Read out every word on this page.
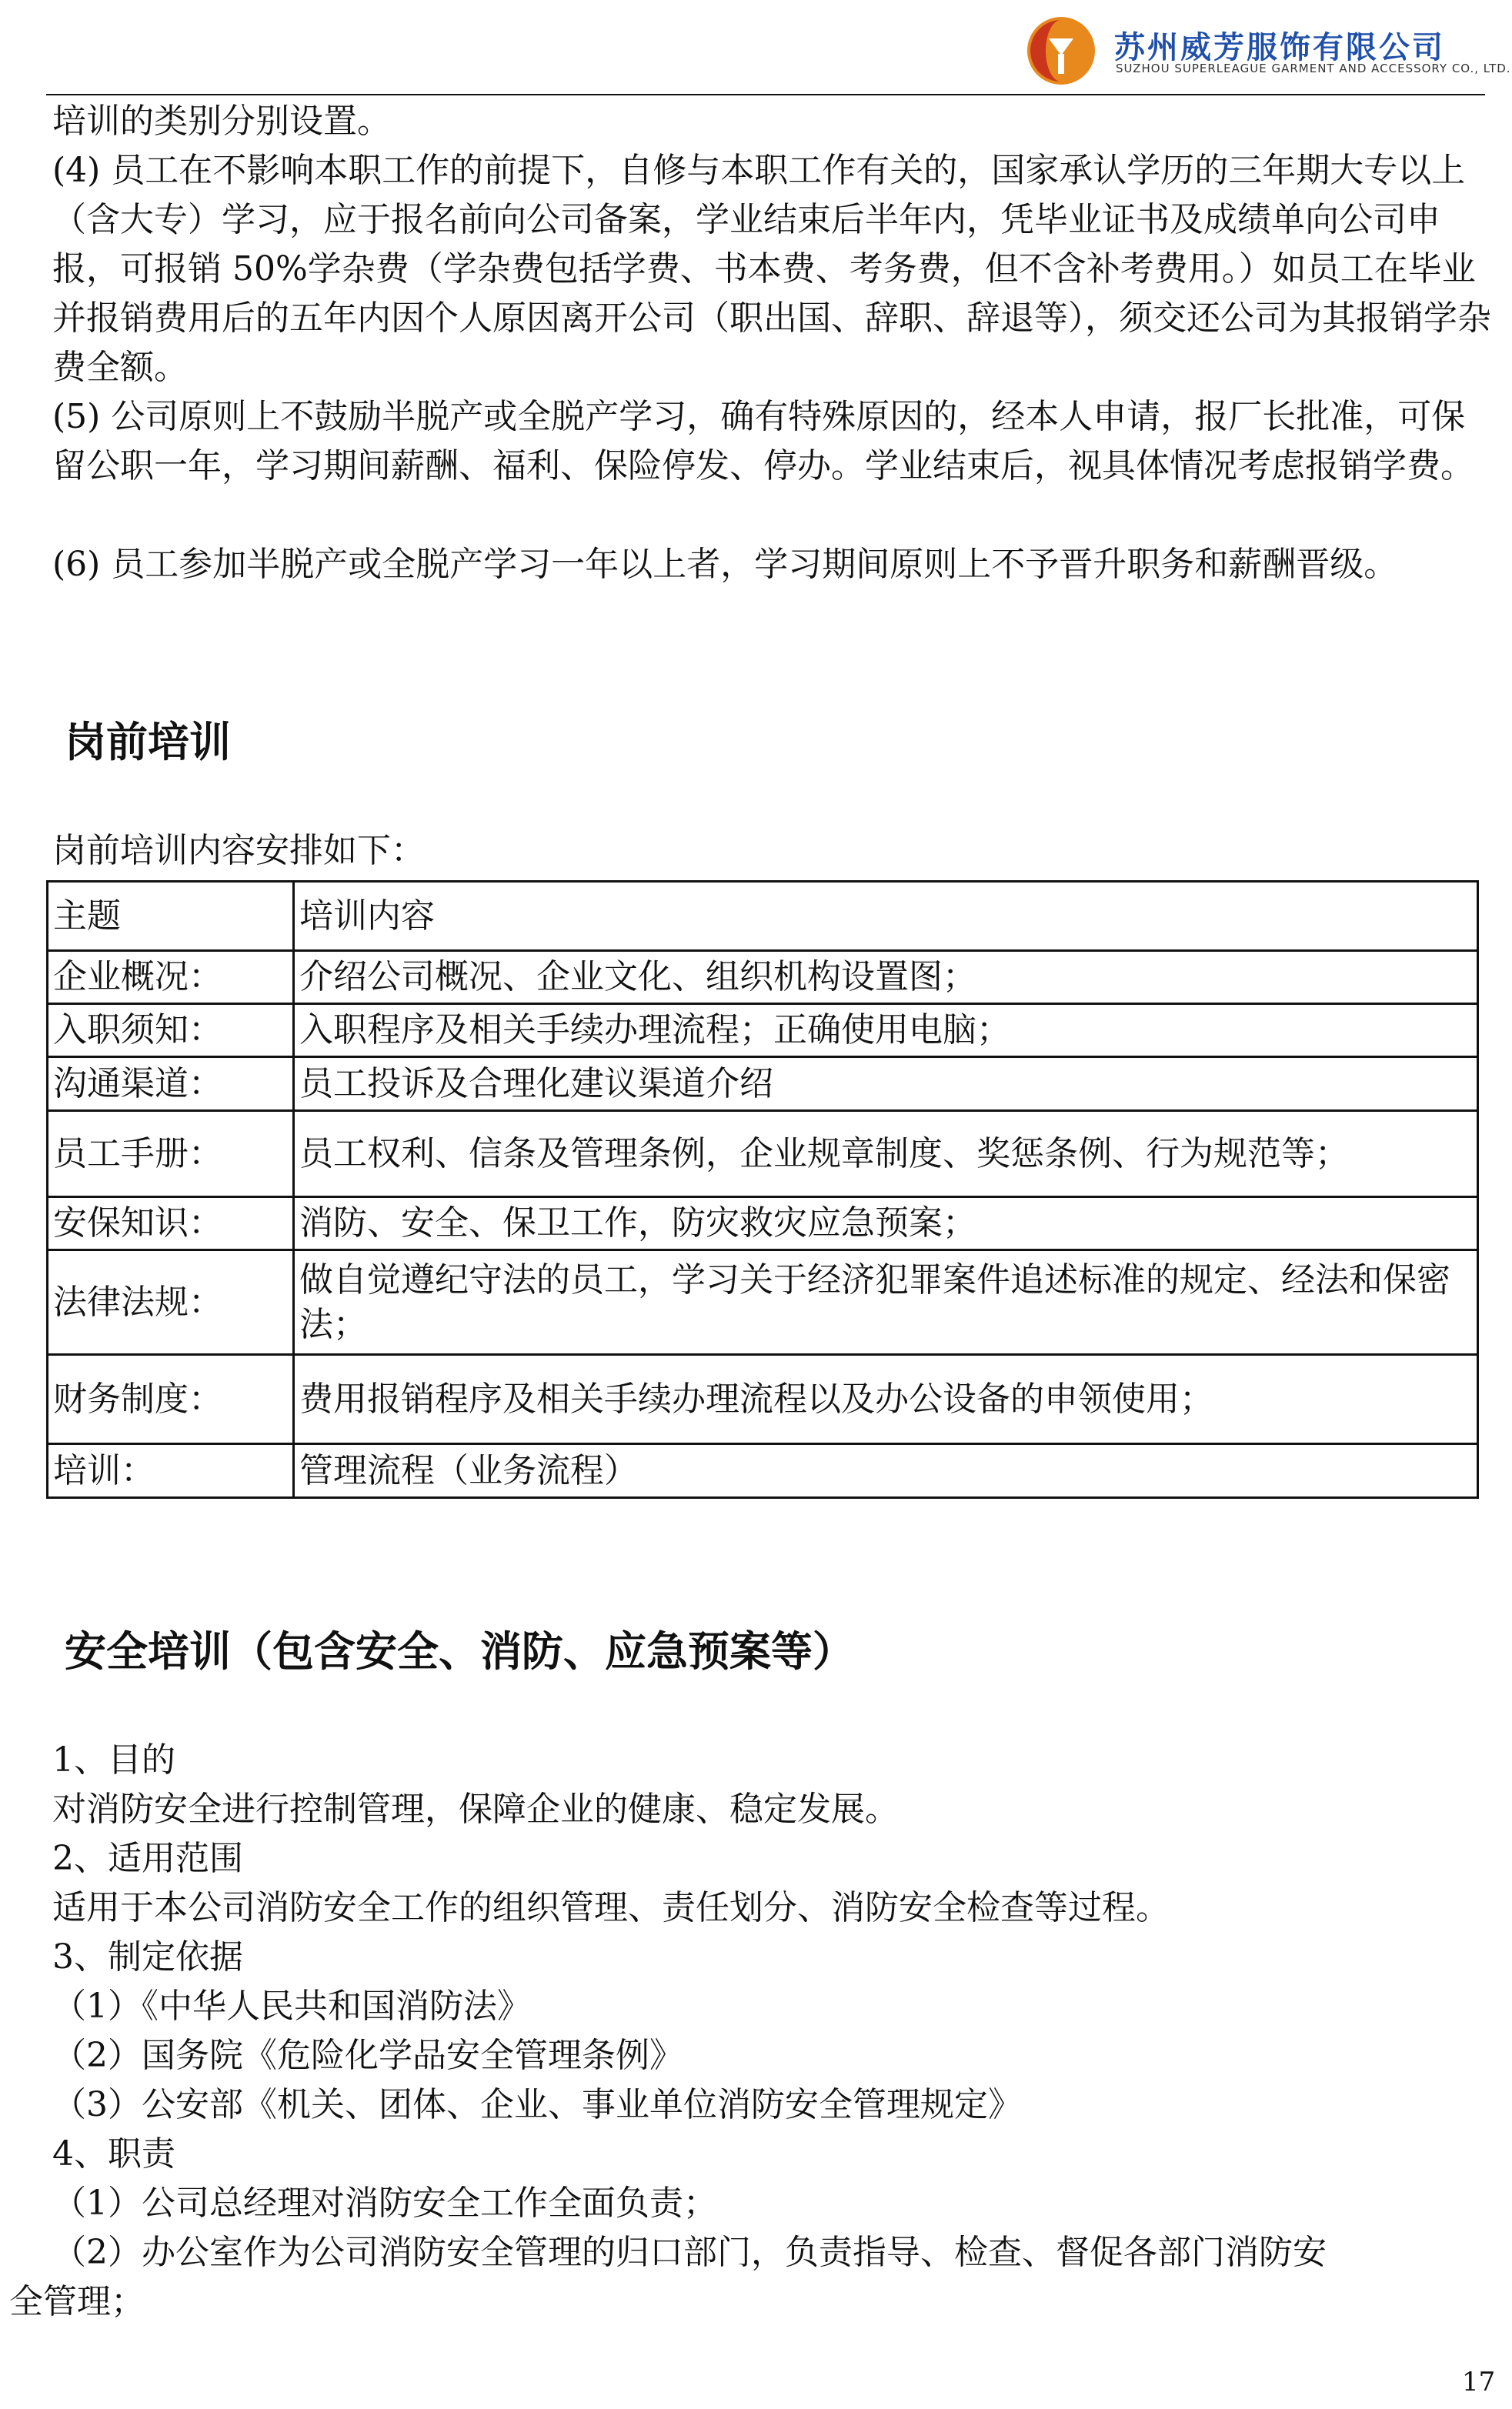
苏州威芳服饰有限公司
SUZHOU SUPERLEAGUE GARMENT AND ACCESSORY CO., LTD.

培训的类别分别设置。

(4) 员工在不影响本职工作的前提下，自修与本职工作有关的，国家承认学历的三年期大专以上（含大专）学习，应于报名前向公司备案，学业结束后半年内，凭毕业证书及成绩单向公司申报，可报销 50%学杂费（学杂费包括学费、书本费、考务费，但不含补考费用。）如员工在毕业并报销费用后的五年内因个人原因离开公司（职出国、辞职、辞退等），须交还公司为其报销学杂费全额。

(5) 公司原则上不鼓励半脱产或全脱产学习，确有特殊原因的，经本人申请，报厂长批准，可保留公职一年，学习期间薪酬、福利、保险停发、停办。学业结束后，视具体情况考虑报销学费。

(6) 员工参加半脱产或全脱产学习一年以上者，学习期间原则上不予晋升职务和薪酬晋级。

岗前培训

岗前培训内容安排如下：

主题	培训内容
企业概况：	介绍公司概况、企业文化、组织机构设置图；
入职须知：	入职程序及相关手续办理流程；正确使用电脑；
沟通渠道：	员工投诉及合理化建议渠道介绍
员工手册：	员工权利、信条及管理条例，企业规章制度、奖惩条例、行为规范等；
安保知识：	消防、安全、保卫工作，防灾救灾应急预案；
法律法规：	做自觉遵纪守法的员工，学习关于经济犯罪案件追述标准的规定、经法和保密法；
财务制度：	费用报销程序及相关手续办理流程以及办公设备的申领使用；
培训：	管理流程（业务流程）
安全培训（包含安全、消防、应急预案等）

1、目的

对消防安全进行控制管理，保障企业的健康、稳定发展。

2、适用范围

适用于本公司消防安全工作的组织管理、责任划分、消防安全检查等过程。

3、制定依据

（1）《中华人民共和国消防法》

（2）国务院《危险化学品安全管理条例》

（3）公安部《机关、团体、企业、事业单位消防安全管理规定》

4、职责

（1）公司总经理对消防安全工作全面负责；

（2）办公室作为公司消防安全管理的归口部门，负责指导、检查、督促各部门消防安

全管理；

17
